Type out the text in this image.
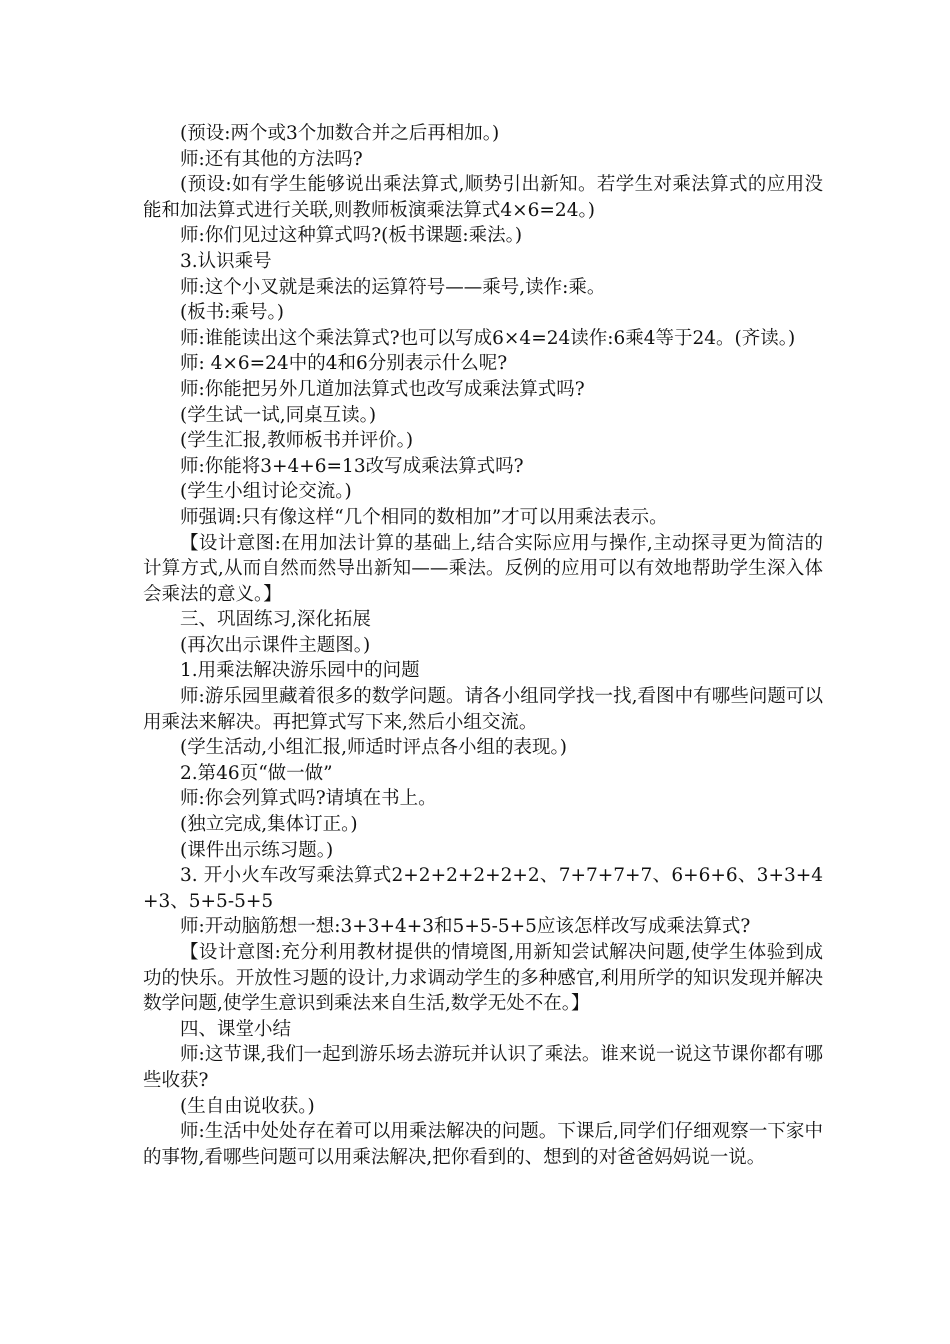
(预设:两个或3个加数合并之后再相加。)

师:还有其他的方法吗?

(预设:如有学生能够说出乘法算式,顺势引出新知。若学生对乘法算式的应用没能和加法算式进行关联,则教师板演乘法算式4×6=24。)

师:你们见过这种算式吗?(板书课题:乘法。)

3.认识乘号

师:这个小叉就是乘法的运算符号——乘号,读作:乘。

(板书:乘号。)

师:谁能读出这个乘法算式?也可以写成6×4=24读作:6乘4等于24。(齐读。)

师: 4×6=24中的4和6分别表示什么呢?

师:你能把另外几道加法算式也改写成乘法算式吗?

(学生试一试,同桌互读。)

(学生汇报,教师板书并评价。)

师:你能将3+4+6=13改写成乘法算式吗?

(学生小组讨论交流。)

师强调:只有像这样“几个相同的数相加”才可以用乘法表示。

【设计意图:在用加法计算的基础上,结合实际应用与操作,主动探寻更为简洁的计算方式,从而自然而然导出新知——乘法。反例的应用可以有效地帮助学生深入体会乘法的意义。】

三、巩固练习,深化拓展

(再次出示课件主题图。)

1.用乘法解决游乐园中的问题

师:游乐园里藏着很多的数学问题。请各小组同学找一找,看图中有哪些问题可以用乘法来解决。再把算式写下来,然后小组交流。

(学生活动,小组汇报,师适时评点各小组的表现。)

2.第46页“做一做”

师:你会列算式吗?请填在书上。

(独立完成,集体订正。)

(课件出示练习题。)

3. 开小火车改写乘法算式2+2+2+2+2+2、7+7+7+7、6+6+6、3+3+4+3、5+5-5+5

师:开动脑筋想一想:3+3+4+3和5+5-5+5应该怎样改写成乘法算式?

【设计意图:充分利用教材提供的情境图,用新知尝试解决问题,使学生体验到成功的快乐。开放性习题的设计,力求调动学生的多种感官,利用所学的知识发现并解决数学问题,使学生意识到乘法来自生活,数学无处不在。】

四、课堂小结

师:这节课,我们一起到游乐场去游玩并认识了乘法。谁来说一说这节课你都有哪些收获?

(生自由说收获。)

师:生活中处处存在着可以用乘法解决的问题。下课后,同学们仔细观察一下家中的事物,看哪些问题可以用乘法解决,把你看到的、想到的对爸爸妈妈说一说。
